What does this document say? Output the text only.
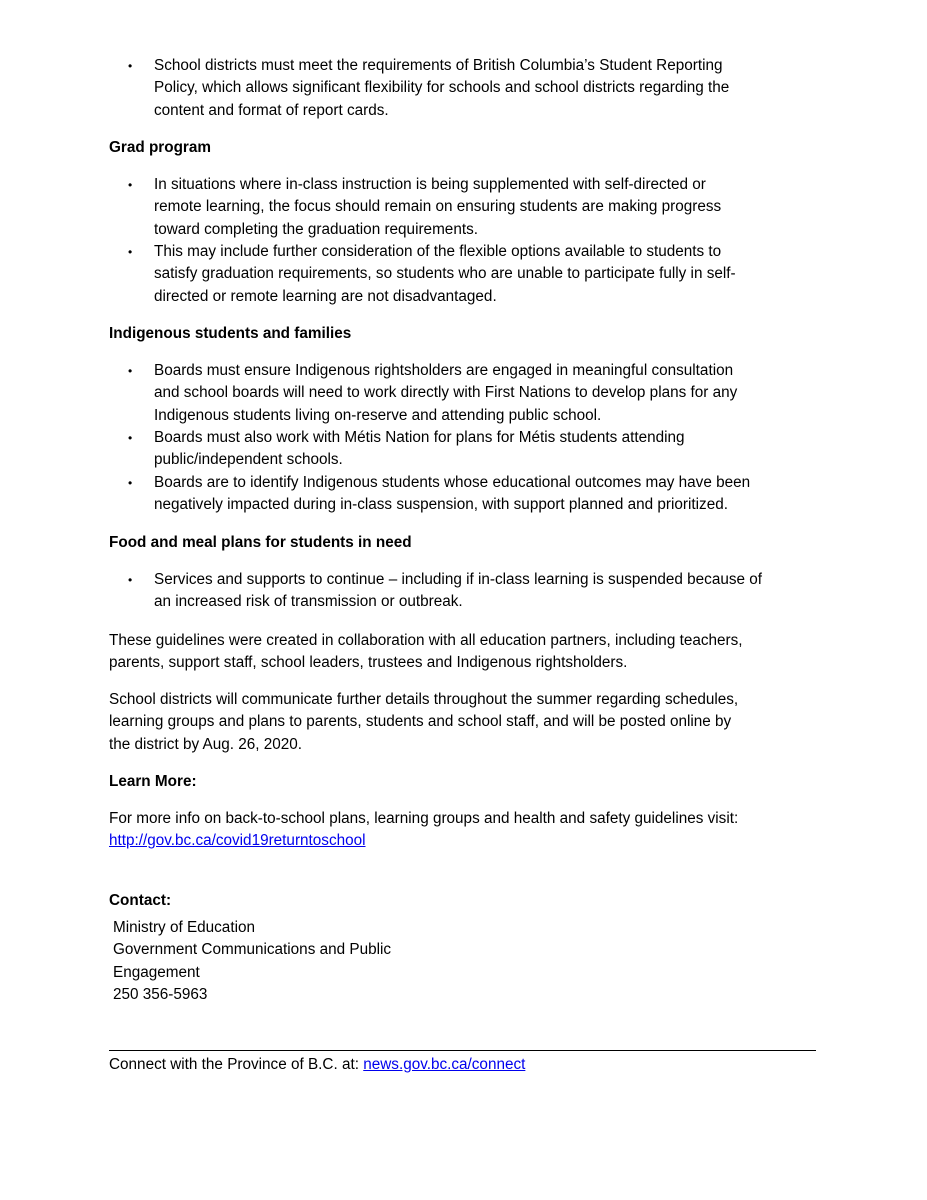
• School districts must meet the requirements of British Columbia’s Student Reporting
Policy, which allows significant flexibility for schools and school districts regarding the
content and format of report cards.
Grad program
• In situations where in-class instruction is being supplemented with self-directed or
remote learning, the focus should remain on ensuring students are making progress
toward completing the graduation requirements.
• This may include further consideration of the flexible options available to students to
satisfy graduation requirements, so students who are unable to participate fully in self-
directed or remote learning are not disadvantaged.
Indigenous students and families
• Boards must ensure Indigenous rightsholders are engaged in meaningful consultation
and school boards will need to work directly with First Nations to develop plans for any
Indigenous students living on-reserve and attending public school.
• Boards must also work with Métis Nation for plans for Métis students attending
public/independent schools.
• Boards are to identify Indigenous students whose educational outcomes may have been
negatively impacted during in-class suspension, with support planned and prioritized.
Food and meal plans for students in need
• Services and supports to continue – including if in-class learning is suspended because of
an increased risk of transmission or outbreak.
These guidelines were created in collaboration with all education partners, including teachers,
parents, support staff, school leaders, trustees and Indigenous rightsholders.
School districts will communicate further details throughout the summer regarding schedules,
learning groups and plans to parents, students and school staff, and will be posted online by
the district by Aug. 26, 2020.
Learn More:
For more info on back-to-school plans, learning groups and health and safety guidelines visit:
http://gov.bc.ca/covid19returntoschool
Contact:
Ministry of Education
Government Communications and Public
Engagement
250 356-5963
Connect with the Province of B.C. at: news.gov.bc.ca/connect
